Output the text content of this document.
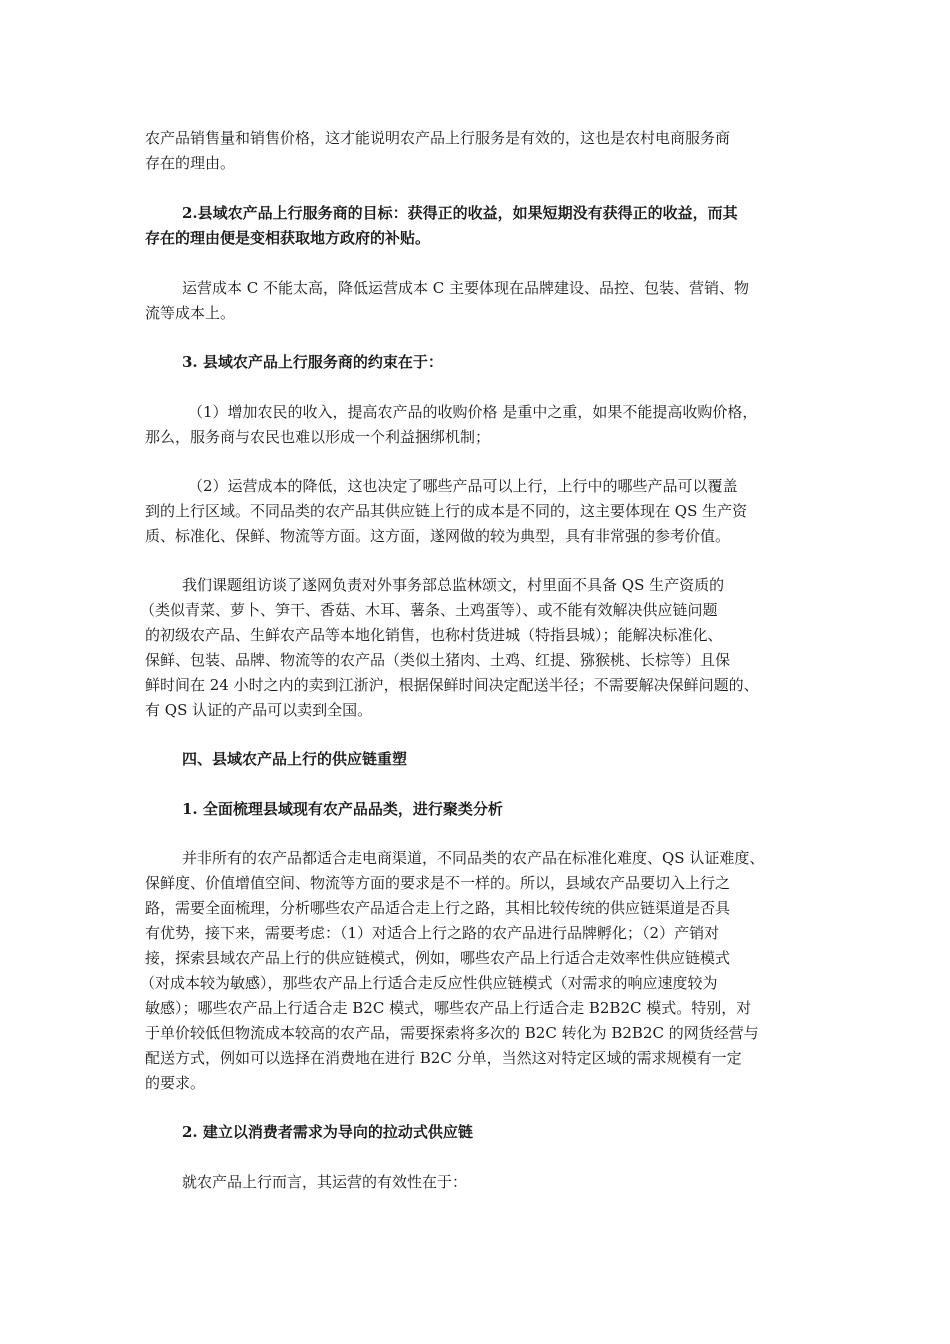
农产品销售量和销售价格，这才能说明农产品上行服务是有效的，这也是农村电商服务商
存在的理由。
2.县域农产品上行服务商的目标：获得正的收益，如果短期没有获得正的收益，而其
存在的理由便是变相获取地方政府的补贴。
运营成本 C 不能太高，降低运营成本 C 主要体现在品牌建设、品控、包装、营销、物
流等成本上。
3. 县域农产品上行服务商的约束在于：
（1）增加农民的收入，提高农产品的收购价格 是重中之重，如果不能提高收购价格，
那么，服务商与农民也难以形成一个利益捆绑机制；
（2）运营成本的降低，这也决定了哪些产品可以上行，上行中的哪些产品可以覆盖
到的上行区域。不同品类的农产品其供应链上行的成本是不同的，这主要体现在 QS 生产资
质、标准化、保鲜、物流等方面。这方面，遂网做的较为典型，具有非常强的参考价值。
我们课题组访谈了遂网负责对外事务部总监林颂文，村里面不具备 QS 生产资质的
（类似青菜、萝卜、笋干、香菇、木耳、薯条、土鸡蛋等）、或不能有效解决供应链问题
的初级农产品、生鲜农产品等本地化销售，也称村货进城（特指县城）；能解决标准化、
保鲜、包装、品牌、物流等的农产品（类似土猪肉、土鸡、红提、猕猴桃、长棕等）且保
鲜时间在 24 小时之内的卖到江浙沪，根据保鲜时间决定配送半径；不需要解决保鲜问题的、
有 QS 认证的产品可以卖到全国。
四、县域农产品上行的供应链重塑
1. 全面梳理县域现有农产品品类，进行聚类分析
并非所有的农产品都适合走电商渠道，不同品类的农产品在标准化难度、QS 认证难度、
保鲜度、价值增值空间、物流等方面的要求是不一样的。所以，县域农产品要切入上行之
路，需要全面梳理，分析哪些农产品适合走上行之路，其相比较传统的供应链渠道是否具
有优势，接下来，需要考虑：（1）对适合上行之路的农产品进行品牌孵化；（2）产销对
接，探索县域农产品上行的供应链模式，例如，哪些农产品上行适合走效率性供应链模式
（对成本较为敏感），那些农产品上行适合走反应性供应链模式（对需求的响应速度较为
敏感）；哪些农产品上行适合走 B2C 模式，哪些农产品上行适合走 B2B2C 模式。特别，对
于单价较低但物流成本较高的农产品，需要探索将多次的 B2C 转化为 B2B2C 的网货经营与
配送方式，例如可以选择在消费地在进行 B2C 分单，当然这对特定区域的需求规模有一定
的要求。
2. 建立以消费者需求为导向的拉动式供应链
就农产品上行而言，其运营的有效性在于：
